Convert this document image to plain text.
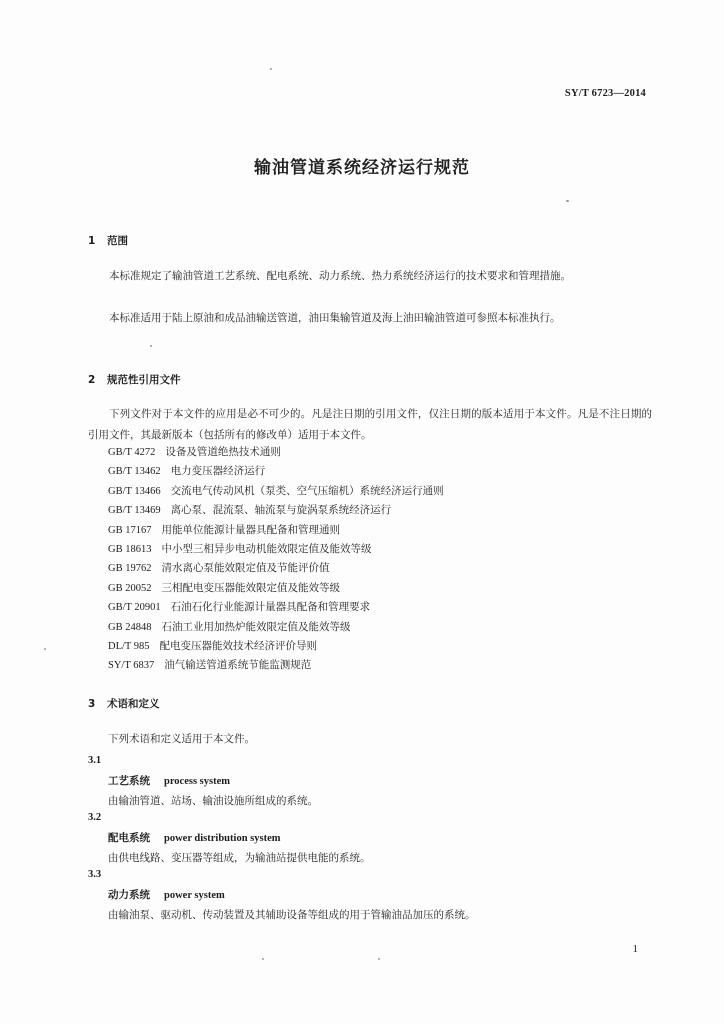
SY/T 6723—2014
输油管道系统经济运行规范
1 范围

本标准规定了输油管道工艺系统、配电系统、动力系统、热力系统经济运行的技术要求和管理措施。

本标准适用于陆上原油和成品油输送管道，油田集输管道及海上油田输油管道可参照本标准执行。

2 规范性引用文件

下列文件对于本文件的应用是必不可少的。凡是注日期的引用文件，仅注日期的版本适用于本文件。凡是不注日期的引用文件，其最新版本（包括所有的修改单）适用于本文件。

GB/T 4272 设备及管道绝热技术通则
GB/T 13462 电力变压器经济运行
GB/T 13466 交流电气传动风机（泵类、空气压缩机）系统经济运行通则
GB/T 13469 离心泵、混流泵、轴流泵与旋涡泵系统经济运行
GB 17167 用能单位能源计量器具配备和管理通则
GB 18613 中小型三相异步电动机能效限定值及能效等级
GB 19762 清水离心泵能效限定值及节能评价值
GB 20052 三相配电变压器能效限定值及能效等级
GB/T 20901 石油石化行业能源计量器具配备和管理要求
GB 24848 石油工业用加热炉能效限定值及能效等级
DL/T 985 配电变压器能效技术经济评价导则
SY/T 6837 油气输送管道系统节能监测规范
3 术语和定义

下列术语和定义适用于本文件。

3.1
工艺系统 process system
由输油管道、站场、输油设施所组成的系统。
3.2
配电系统 power distribution system
由供电线路、变压器等组成，为输油站提供电能的系统。
3.3
动力系统 power system
由输油泵、驱动机、传动装置及其辅助设备等组成的用于管输油品加压的系统。
1
